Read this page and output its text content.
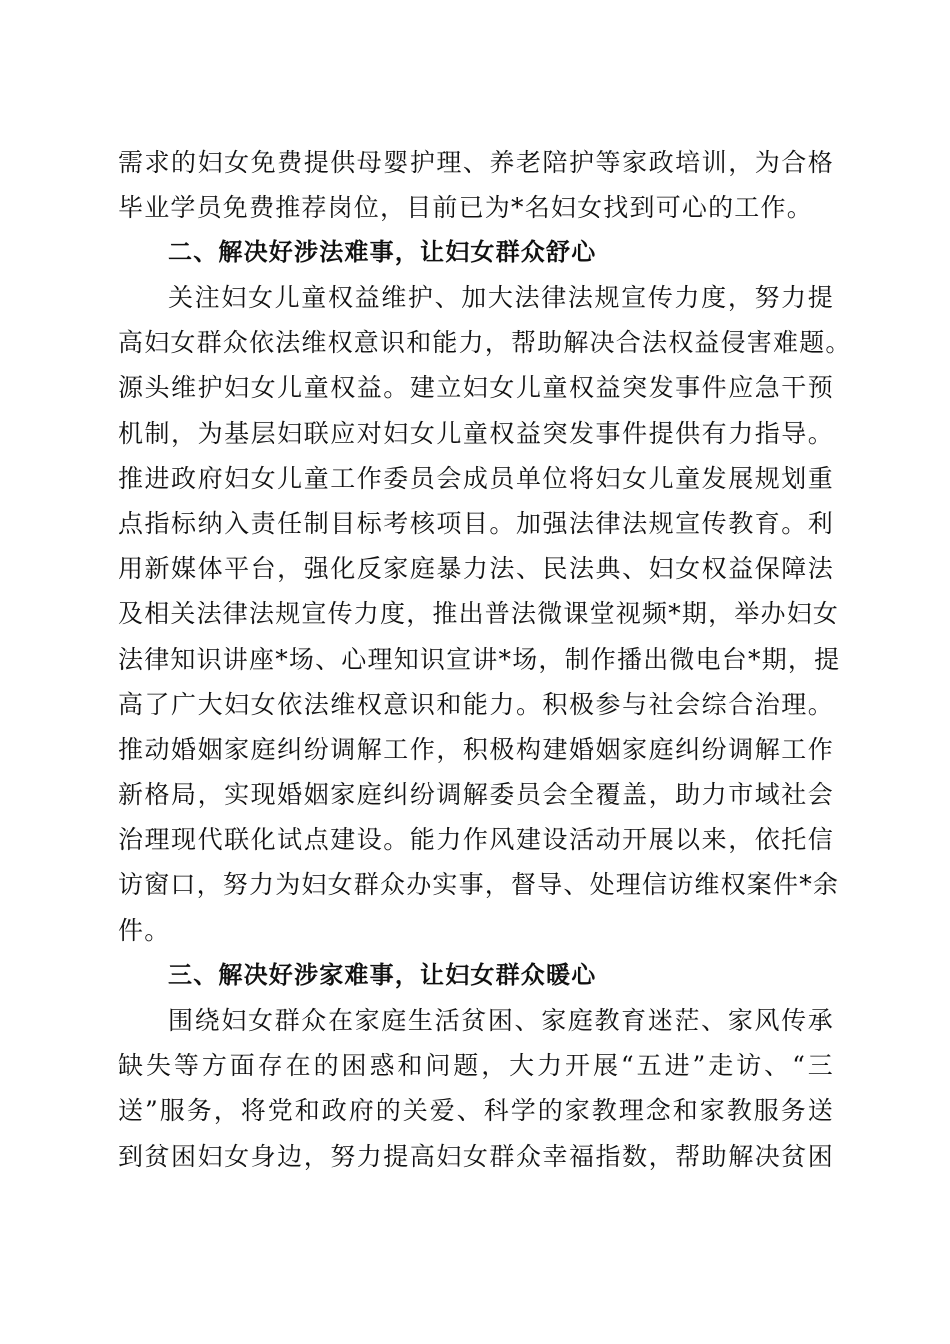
需求的妇女免费提供母婴护理、养老陪护等家政培训，为合格
毕业学员免费推荐岗位，目前已为*名妇女找到可心的工作。
二、解决好涉法难事，让妇女群众舒心
关注妇女儿童权益维护、加大法律法规宣传力度，努力提
高妇女群众依法维权意识和能力，帮助解决合法权益侵害难题。
源头维护妇女儿童权益。建立妇女儿童权益突发事件应急干预
机制，为基层妇联应对妇女儿童权益突发事件提供有力指导。
推进政府妇女儿童工作委员会成员单位将妇女儿童发展规划重
点指标纳入责任制目标考核项目。加强法律法规宣传教育。利
用新媒体平台，强化反家庭暴力法、民法典、妇女权益保障法
及相关法律法规宣传力度，推出普法微课堂视频*期，举办妇女
法律知识讲座*场、心理知识宣讲*场，制作播出微电台*期，提
高了广大妇女依法维权意识和能力。积极参与社会综合治理。
推动婚姻家庭纠纷调解工作，积极构建婚姻家庭纠纷调解工作
新格局，实现婚姻家庭纠纷调解委员会全覆盖，助力市域社会
治理现代联化试点建设。能力作风建设活动开展以来，依托信
访窗口，努力为妇女群众办实事，督导、处理信访维权案件*余
件。
三、解决好涉家难事，让妇女群众暖心
围绕妇女群众在家庭生活贫困、家庭教育迷茫、家风传承
缺失等方面存在的困惑和问题，大力开展“五进”走访、“三
送”服务，将党和政府的关爱、科学的家教理念和家教服务送
到贫困妇女身边，努力提高妇女群众幸福指数，帮助解决贫困
